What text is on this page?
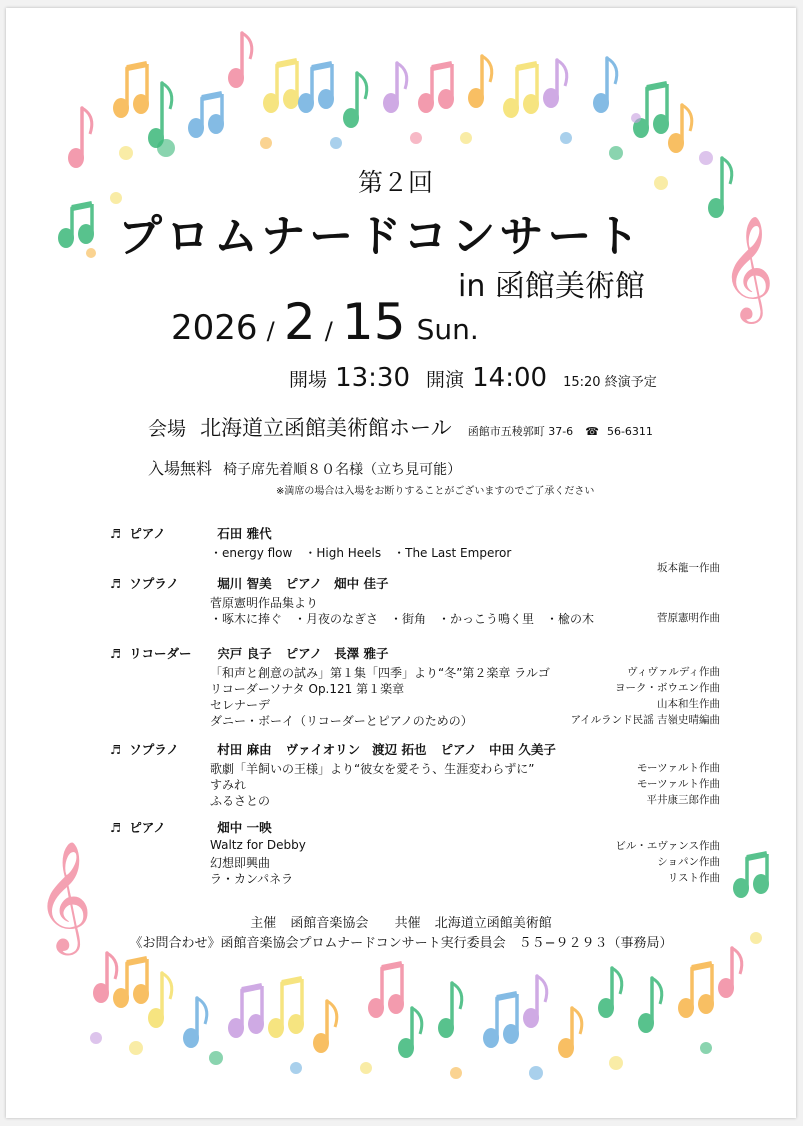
𝄞
𝄞
第２回
プロムナードコンサート
in 函館美術館
2026 / 2 / 15 Sun.
開場 13:30 開演 14:00 15:20 終演予定
会場 北海道立函館美術館ホール 函館市五稜郭町 37-6 ☎ 56-6311
入場無料 椅子席先着順８０名様（立ち見可能）
※満席の場合は入場をお断りすることがございますのでご了承ください
♬ ピアノ	石田 雅代
・energy flow　・High Heels　・The Last Emperor
坂本龍一作曲
♬ ソプラノ	堀川 智美 ピアノ 畑中 佳子
菅原憲明作品集より
・啄木に捧ぐ　・月夜のなぎさ　・街角　・かっこう鳴く里　・楡の木	菅原憲明作曲
♬ リコーダー 宍戸 良子 ピアノ 長澤 雅子
「和声と創意の試み」第１集「四季」より“冬”第２楽章 ラルゴ	ヴィヴァルディ作曲
リコーダーソナタ Op.121 第１楽章	ヨーク・ボウエン作曲
セレナーデ	山本和生作曲
ダニー・ボーイ（リコーダーとピアノのための）	アイルランド民謡 吉嶺史晴編曲
♬ ソプラノ	村田 麻由 ヴァイオリン 渡辺 拓也 ピアノ 中田 久美子
歌劇「羊飼いの王様」より“彼女を愛そう、生涯変わらずに”	モーツァルト作曲
すみれ	モーツァルト作曲
ふるさとの	平井康三郎作曲
♬ ピアノ	畑中 一映
Waltz for Debby	ビル・エヴァンス作曲
幻想即興曲	ショパン作曲
ラ・カンパネラ	リスト作曲
主催 函館音楽協会 共催 北海道立函館美術館
《お問合わせ》函館音楽協会プロムナードコンサート実行委員会　５５−９２９３（事務局）
